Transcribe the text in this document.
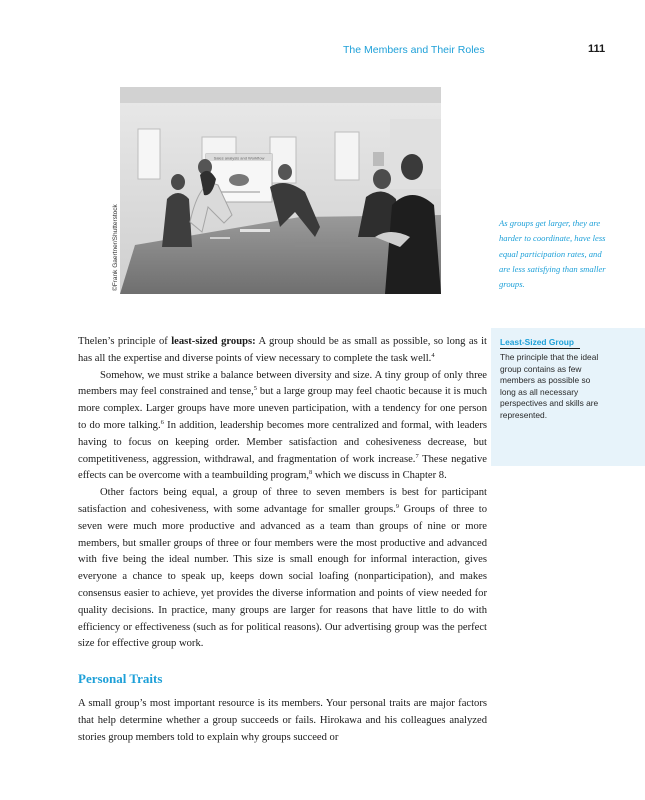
The Members and Their Roles	111
Sales analysis and Workflow
©Frank Gaertner/Shutterstock	As groups get larger, they are harder to coordinate, have less equal participation rates, and are less satisfying than smaller groups.
Least-Sized Group
The principle that the ideal group contains as few members as possible so long as all necessary perspectives and skills are represented.

Thelen’s principle of least-sized groups: A group should be as small as possible, so long as it has all the expertise and diverse points of view necessary to complete the task well.$^4$

Somehow, we must strike a balance between diversity and size. A tiny group of only three members may feel constrained and tense,$^5$ but a large group may feel chaotic because it is much more complex. Larger groups have more uneven participation, with a tendency for one person to do more talking.$^6$ In addition, leadership becomes more centralized and formal, with leaders having to focus on keeping order. Member satisfaction and cohesiveness decrease, but competitiveness, aggression, withdrawal, and fragmentation of work increase.$^7$ These negative effects can be overcome with a teambuilding program,$^8$ which we discuss in Chapter 8.

Other factors being equal, a group of three to seven members is best for participant satisfaction and cohesiveness, with some advantage for smaller groups.$^9$ Groups of three to seven were much more productive and advanced as a team than groups of nine or more members, but smaller groups of three or four members were the most productive and advanced with five being the ideal number. This size is small enough for informal interaction, gives everyone a chance to speak up, keeps down social loafing (nonparticipation), and makes consensus easier to achieve, yet provides the diverse information and points of view needed for quality decisions. In practice, many groups are larger for reasons that have little to do with efficiency or effectiveness (such as for political reasons). Our advertising group was the perfect size for effective group work.

Personal Traits

A small group’s most important resource is its members. Your personal traits are major factors that help determine whether a group succeeds or fails. Hirokawa and his colleagues analyzed stories group members told to explain why groups succeed or
